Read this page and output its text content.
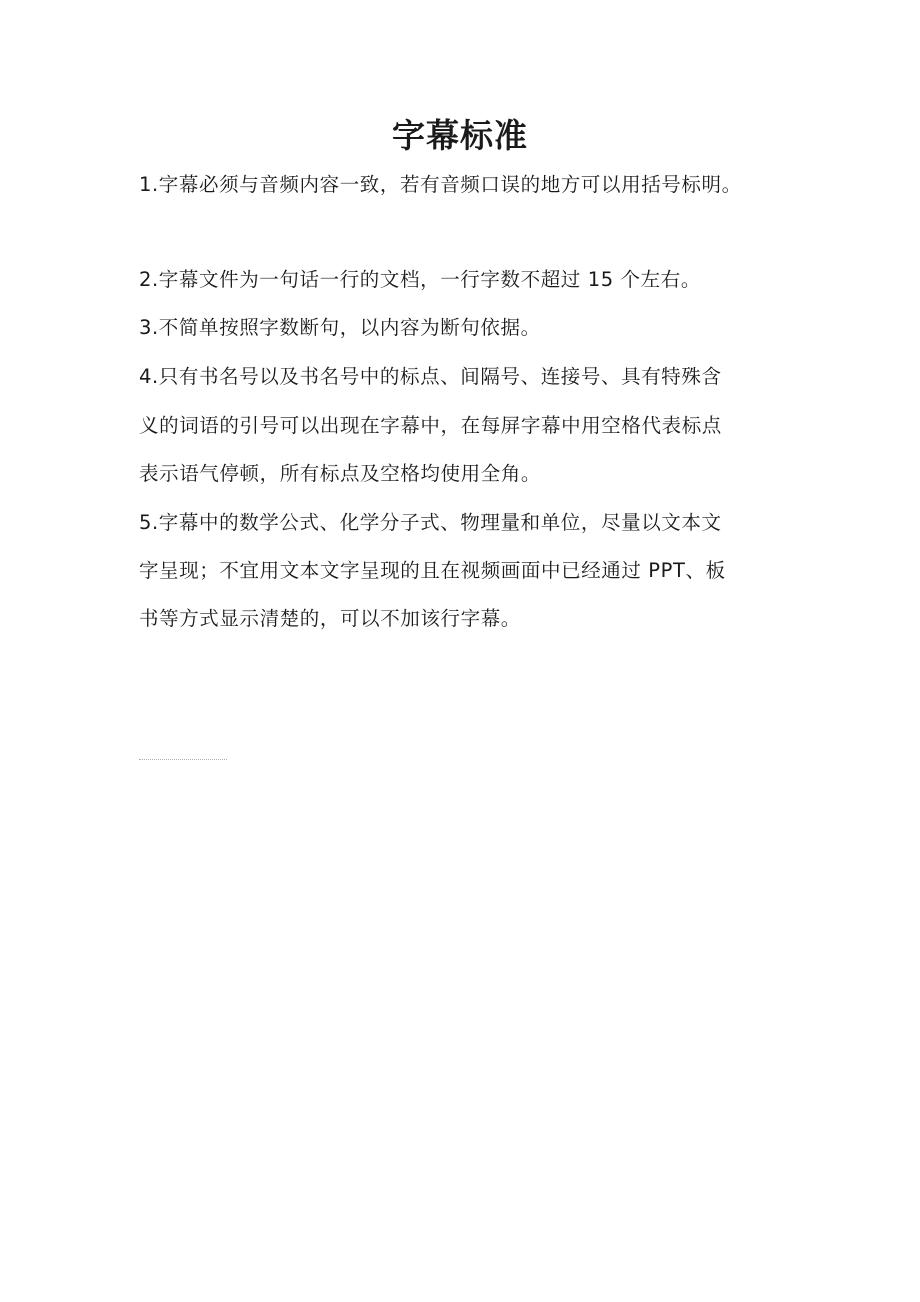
字幕标准
1.字幕必须与音频内容一致，若有音频口误的地方可以用括号标明。
2.字幕文件为一句话一行的文档，一行字数不超过 15 个左右。
3.不简单按照字数断句，以内容为断句依据。
4.只有书名号以及书名号中的标点、间隔号、连接号、具有特殊含
义的词语的引号可以出现在字幕中，在每屏字幕中用空格代表标点
表示语气停顿，所有标点及空格均使用全角。
5.字幕中的数学公式、化学分子式、物理量和单位，尽量以文本文
字呈现；不宜用文本文字呈现的且在视频画面中已经通过 PPT、板
书等方式显示清楚的，可以不加该行字幕。
